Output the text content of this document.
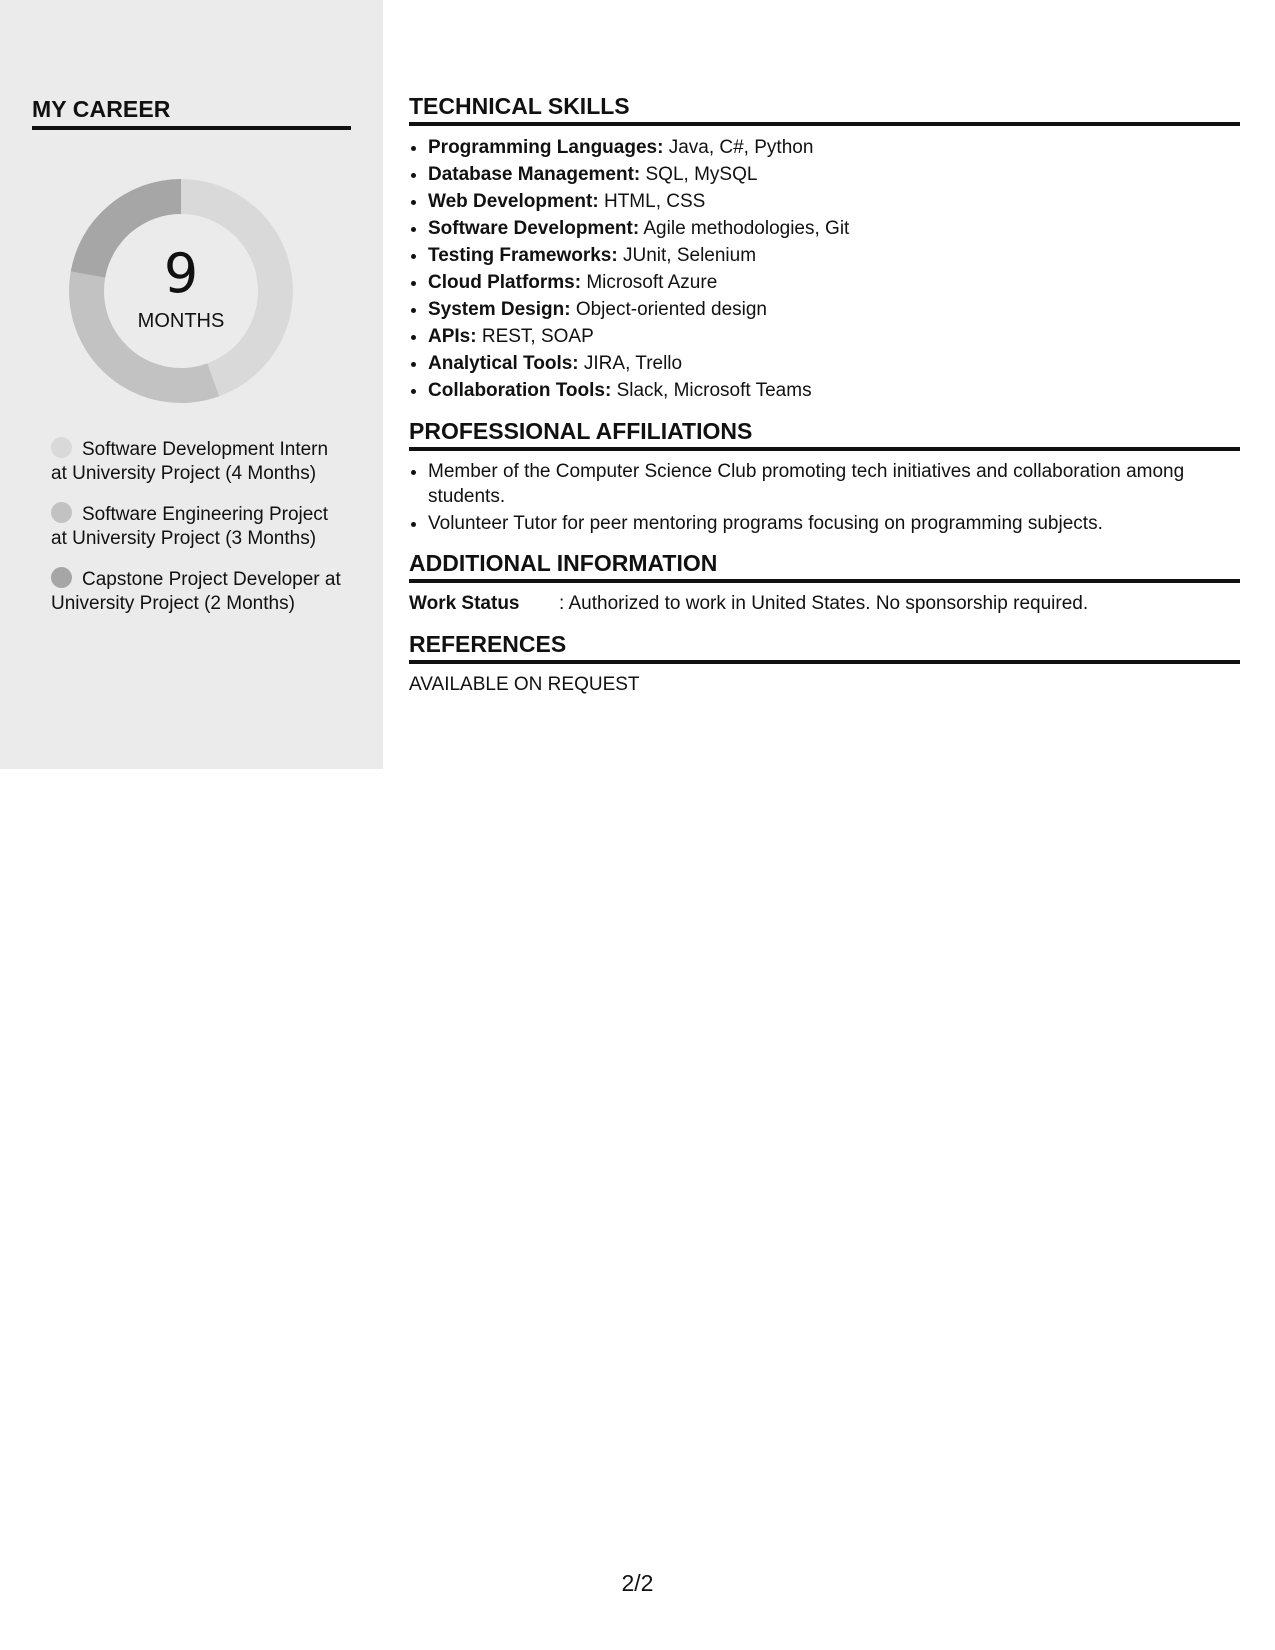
MY CAREER
9
MONTHS
Software Development Intern at University Project (4 Months)
Software Engineering Project at University Project (3 Months)
Capstone Project Developer at University Project (2 Months)
TECHNICAL SKILLS
• Programming Languages: Java, C#, Python
• Database Management: SQL, MySQL
• Web Development: HTML, CSS
• Software Development: Agile methodologies, Git
• Testing Frameworks: JUnit, Selenium
• Cloud Platforms: Microsoft Azure
• System Design: Object-oriented design
• APIs: REST, SOAP
• Analytical Tools: JIRA, Trello
• Collaboration Tools: Slack, Microsoft Teams
PROFESSIONAL AFFILIATIONS
• Member of the Computer Science Club promoting tech initiatives and collaboration among students.
• Volunteer Tutor for peer mentoring programs focusing on programming subjects.
ADDITIONAL INFORMATION
Work Status	: Authorized to work in United States. No sponsorship required.
REFERENCES
AVAILABLE ON REQUEST
2/2
